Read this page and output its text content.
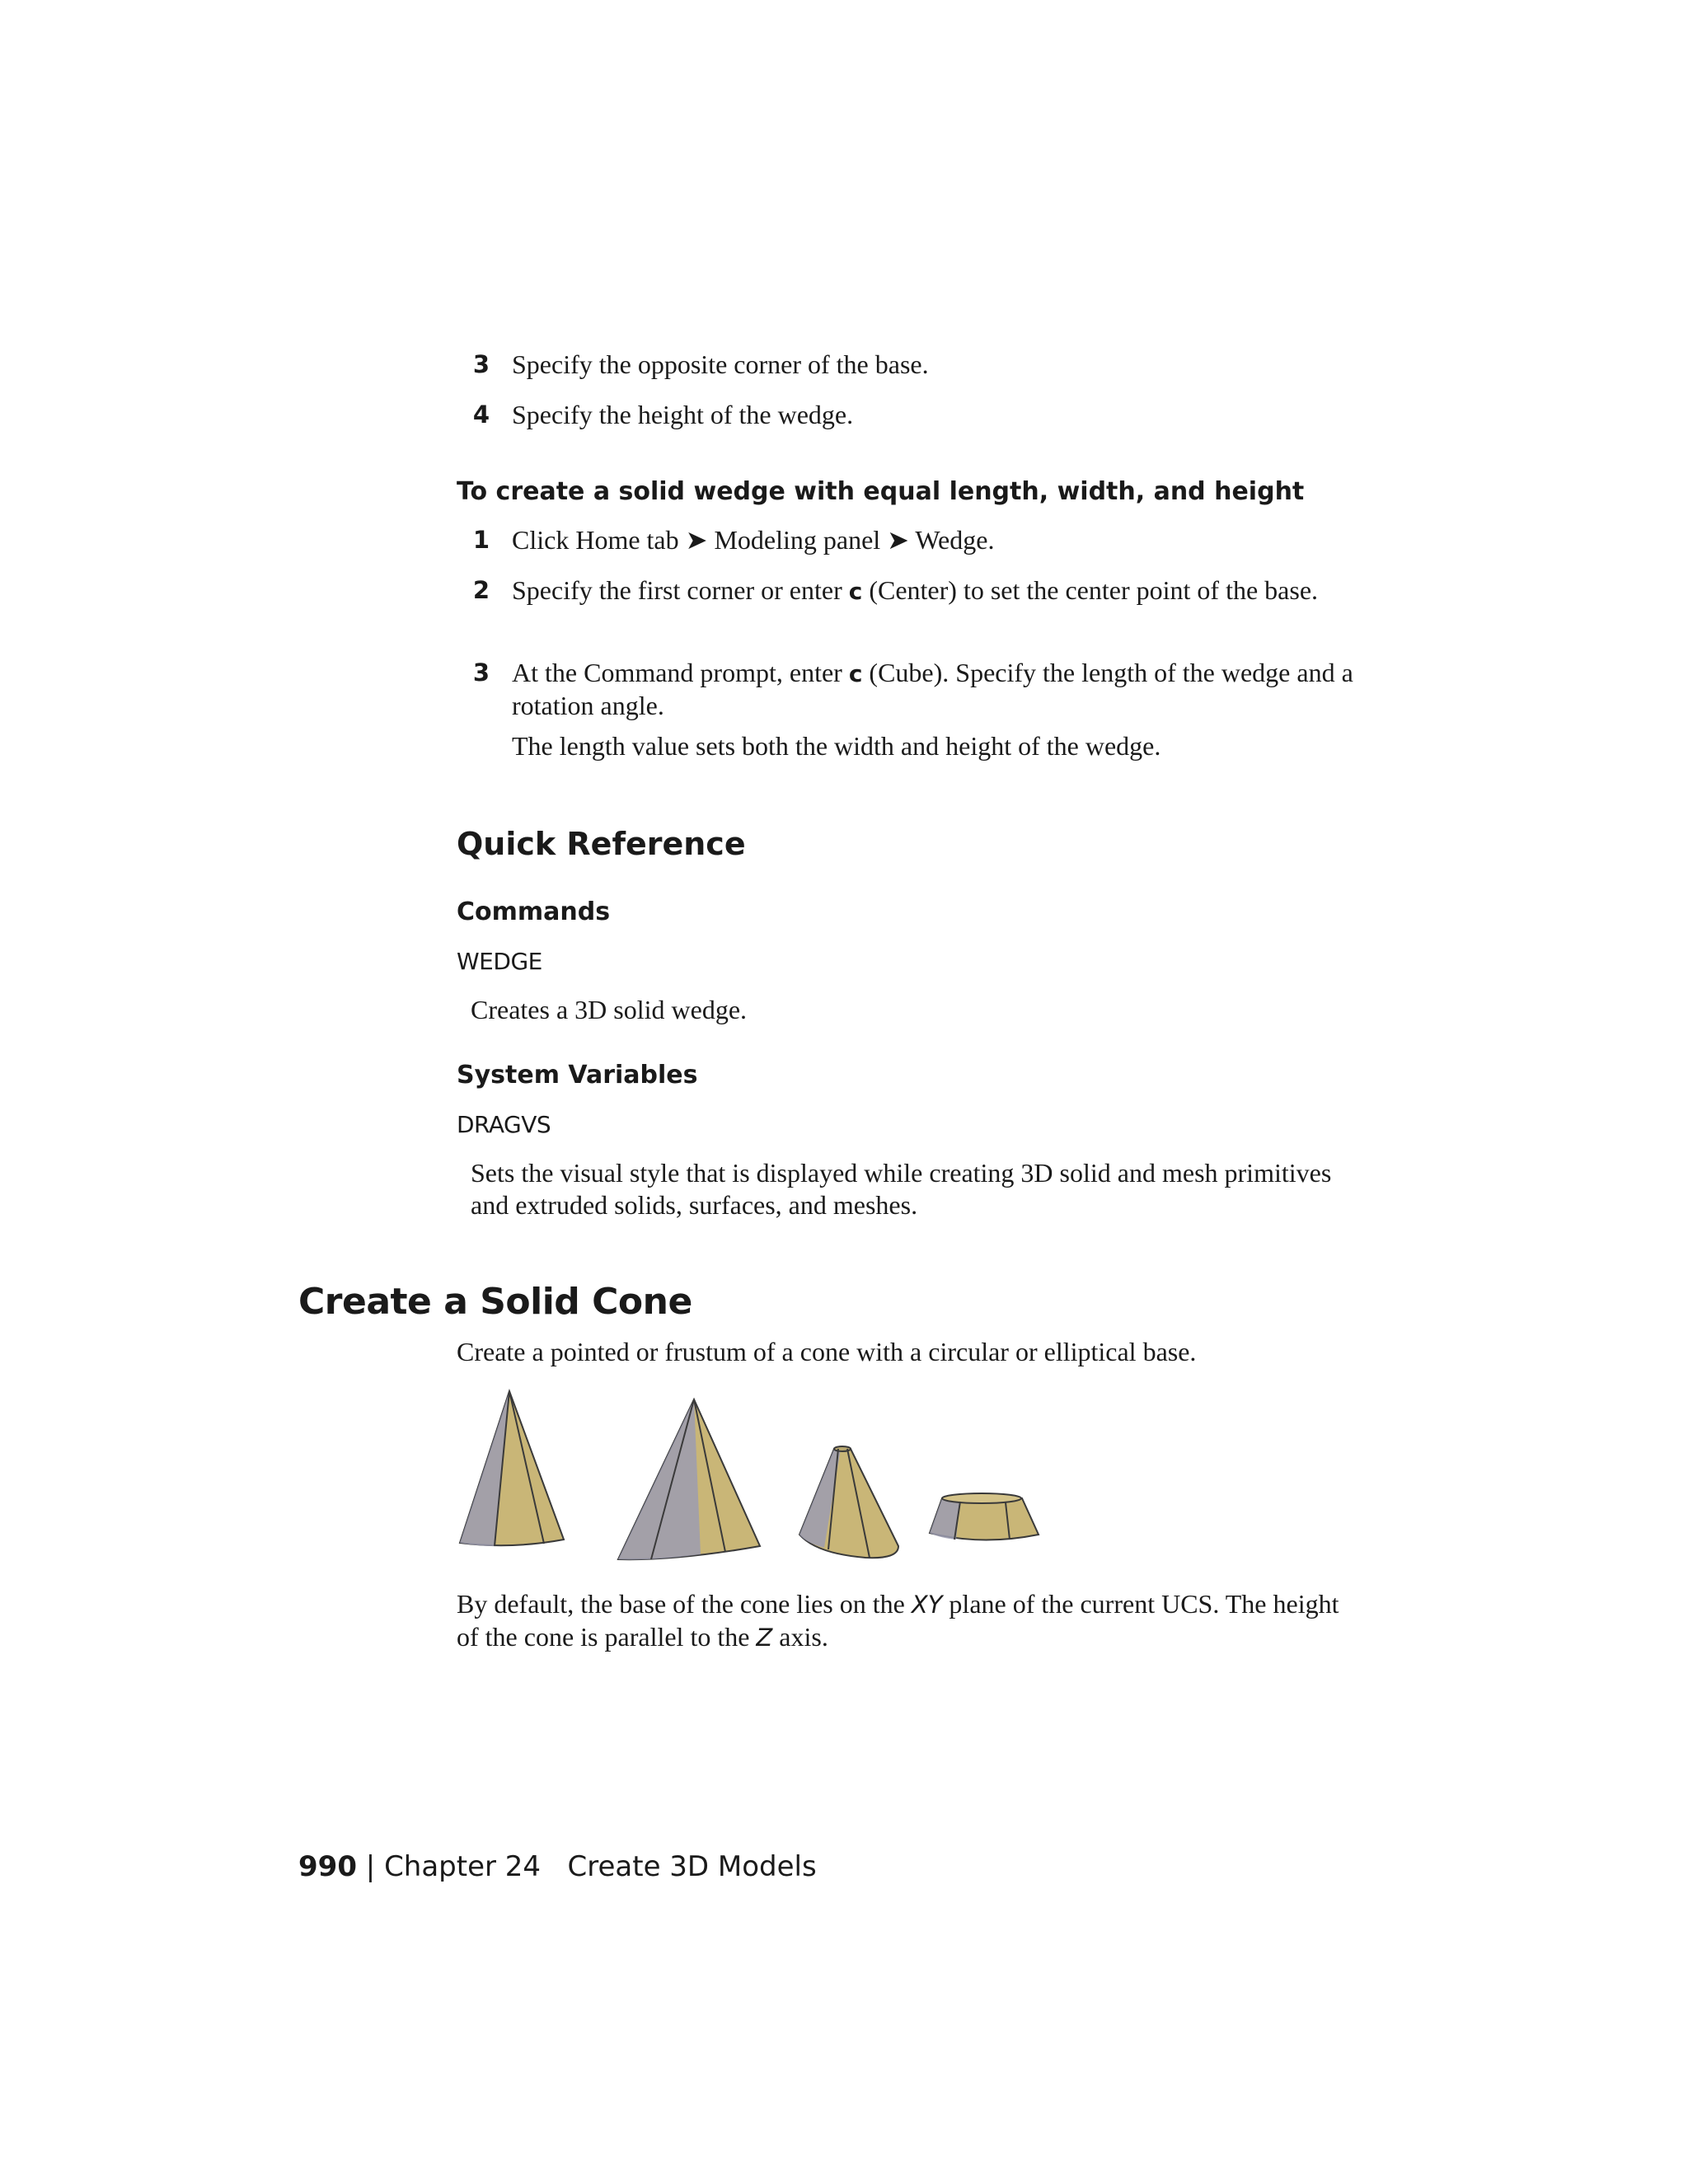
3 Specify the opposite corner of the base.
4 Specify the height of the wedge.
To create a solid wedge with equal length, width, and height
1 Click Home tab ➤ Modeling panel ➤ Wedge.
2 Specify the first corner or enter c (Center) to set the center point of the base.
3 At the Command prompt, enter c (Cube). Specify the length of the wedge and a rotation angle.
The length value sets both the width and height of the wedge.
Quick Reference
Commands
WEDGE
Creates a 3D solid wedge.
System Variables
DRAGVS
Sets the visual style that is displayed while creating 3D solid and mesh primitives and extruded solids, surfaces, and meshes.
Create a Solid Cone
Create a pointed or frustum of a cone with a circular or elliptical base.
By default, the base of the cone lies on the XY plane of the current UCS. The height of the cone is parallel to the Z axis.
990 | Chapter 24 Create 3D Models
